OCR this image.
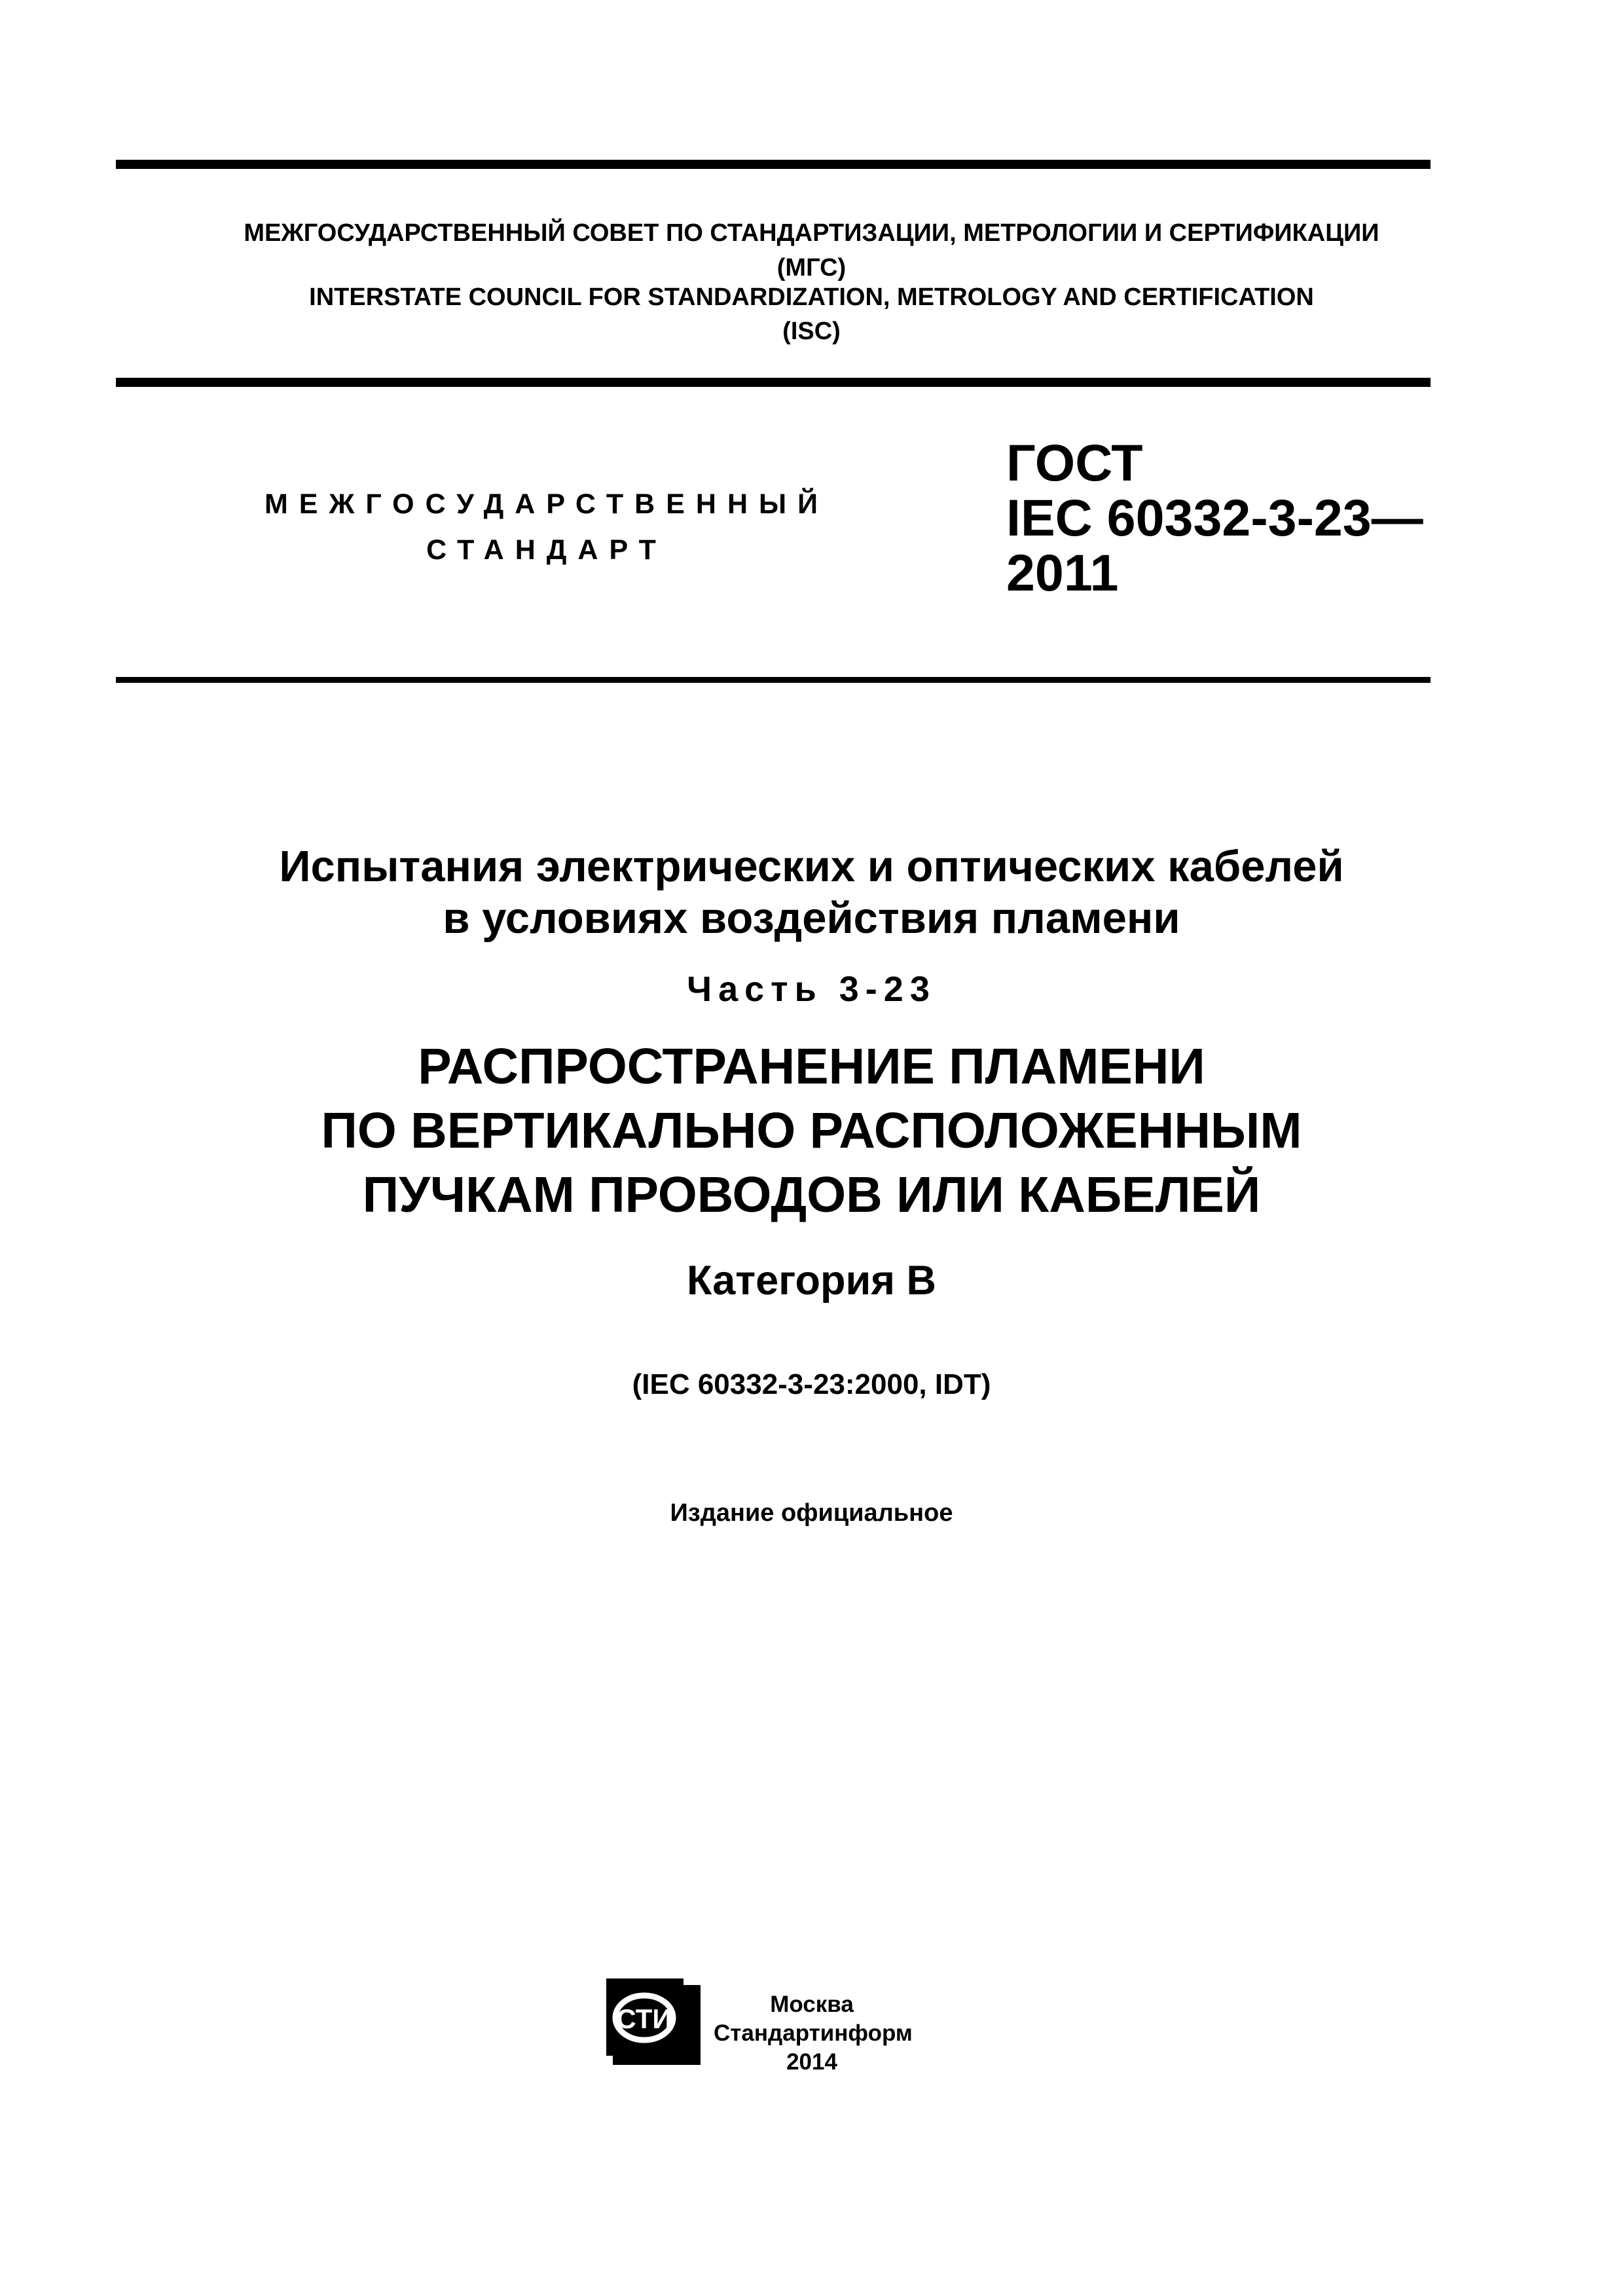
МЕЖГОСУДАРСТВЕННЫЙ СОВЕТ ПО СТАНДАРТИЗАЦИИ, МЕТРОЛОГИИ И СЕРТИФИКАЦИИ
(МГС)
INTERSTATE COUNCIL FOR STANDARDIZATION, METROLOGY AND CERTIFICATION
(ISC)
МЕЖГОСУДАРСТВЕННЫЙ
СТАНДАРТ
ГОСТ
IEC 60332-3-23—
2011
Испытания электрических и оптических кабелей
в условиях воздействия пламени
Часть 3-23
РАСПРОСТРАНЕНИЕ ПЛАМЕНИ
ПО ВЕРТИКАЛЬНО РАСПОЛОЖЕННЫМ
ПУЧКАМ ПРОВОДОВ ИЛИ КАБЕЛЕЙ
Категория B
(IEC 60332-3-23:2000, IDT)
Издание официальное
СТИ	Москва
Стандартинформ
2014
